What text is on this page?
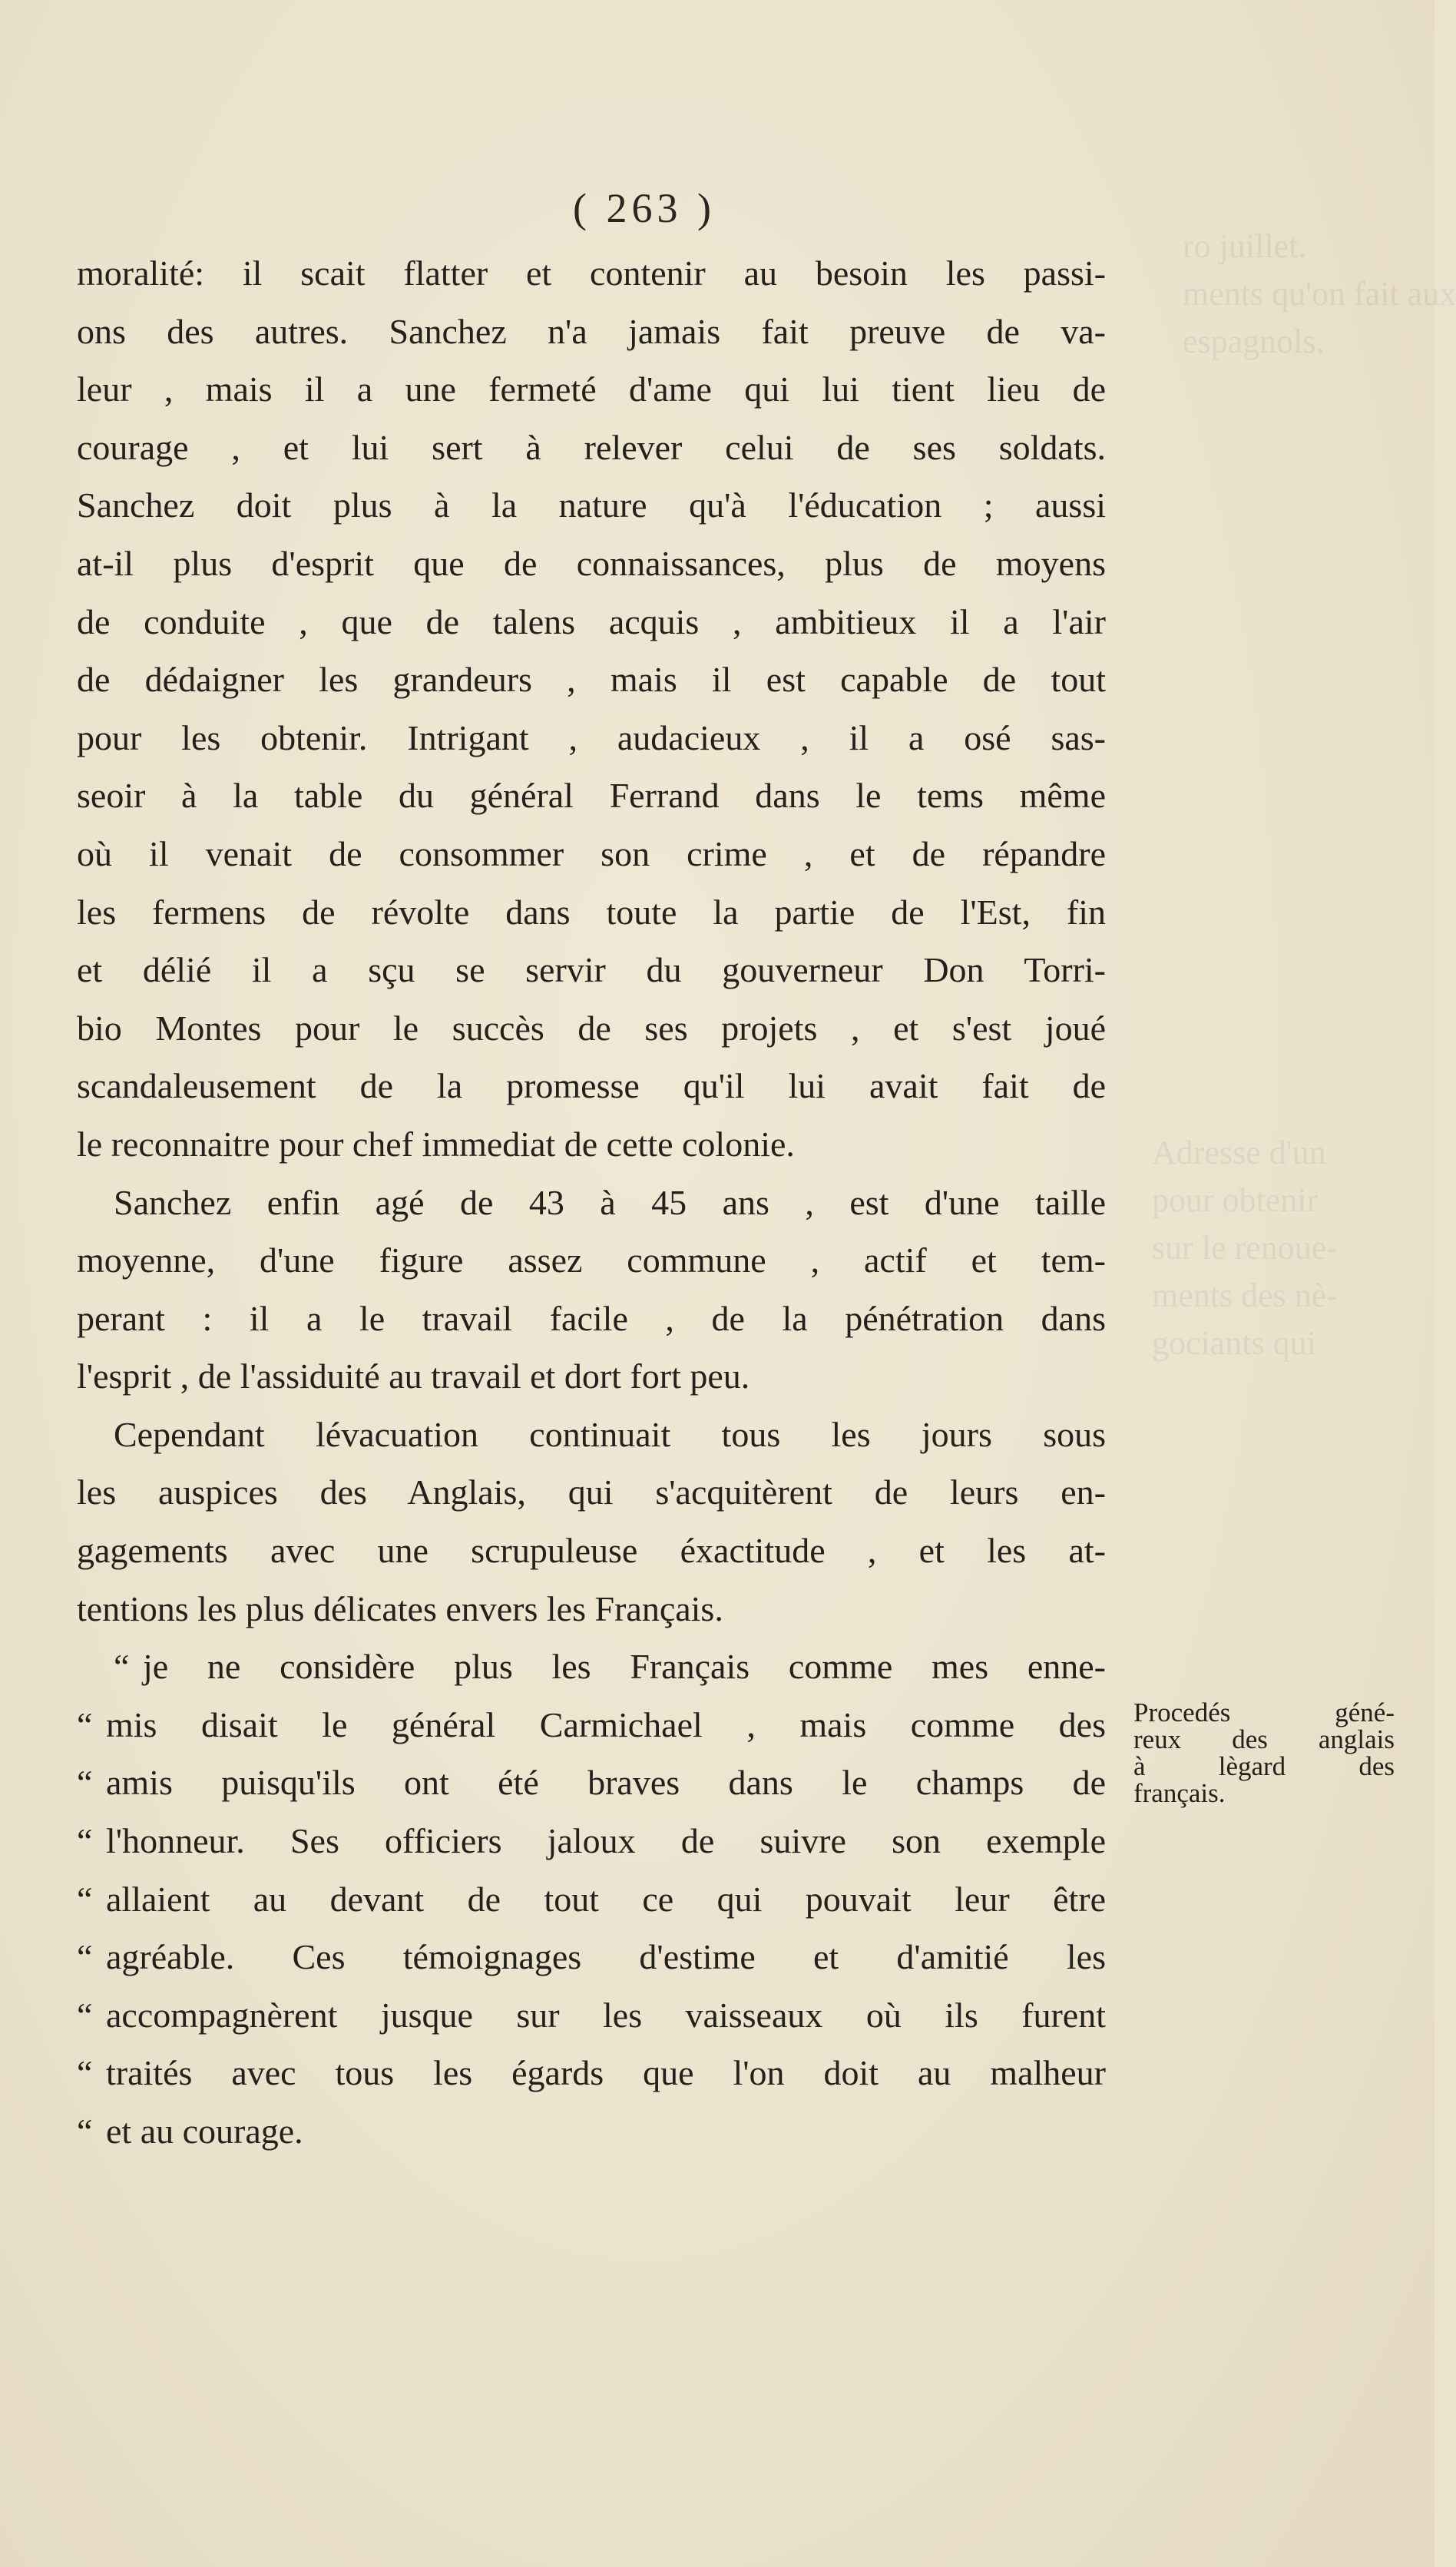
ro juillet.
ments qu'on fait aux
espagnols.
Adresse d'un
pour obtenir
sur le renoue-
ments des nè-
gociants qui
( 263 )
moralité: il scait flatter et contenir au besoin les passi-
ons des autres. Sanchez n'a jamais fait preuve de va-
leur , mais il a une fermeté d'ame qui lui tient lieu de
courage , et lui sert à relever celui de ses soldats.
Sanchez doit plus à la nature qu'à l'éducation ; aussi
at-il plus d'esprit que de connaissances, plus de moyens
de conduite , que de talens acquis , ambitieux il a l'air
de dédaigner les grandeurs , mais il est capable de tout
pour les obtenir. Intrigant , audacieux , il a osé sas-
seoir à la table du général Ferrand dans le tems même
où il venait de consommer son crime , et de répandre
les fermens de révolte dans toute la partie de l'Est, fin
et délié il a sçu se servir du gouverneur Don Torri-
bio Montes pour le succès de ses projets , et s'est joué
scandaleusement de la promesse qu'il lui avait fait de
le reconnaitre pour chef immediat de cette colonie.
Sanchez enfin agé de 43 à 45 ans , est d'une taille
moyenne, d'une figure assez commune , actif et tem-
perant : il a le travail facile , de la pénétration dans
l'esprit , de l'assiduité au travail et dort fort peu.
Cependant lévacuation continuait tous les jours sous
les auspices des Anglais, qui s'acquitèrent de leurs en-
gagements avec une scrupuleuse éxactitude , et les at-
tentions les plus délicates envers les Français.
“ je ne considère plus les Français comme mes enne-
“ mis disait le général Carmichael , mais comme des
“ amis puisqu'ils ont été braves dans le champs de
“ l'honneur. Ses officiers jaloux de suivre son exemple
“ allaient au devant de tout ce qui pouvait leur être
“ agréable. Ces témoignages d'estime et d'amitié les
“ accompagnèrent jusque sur les vaisseaux où ils furent
“ traités avec tous les égards que l'on doit au malheur
“ et au courage.
Procedés géné-
reux des anglais
à lègard des
français.
